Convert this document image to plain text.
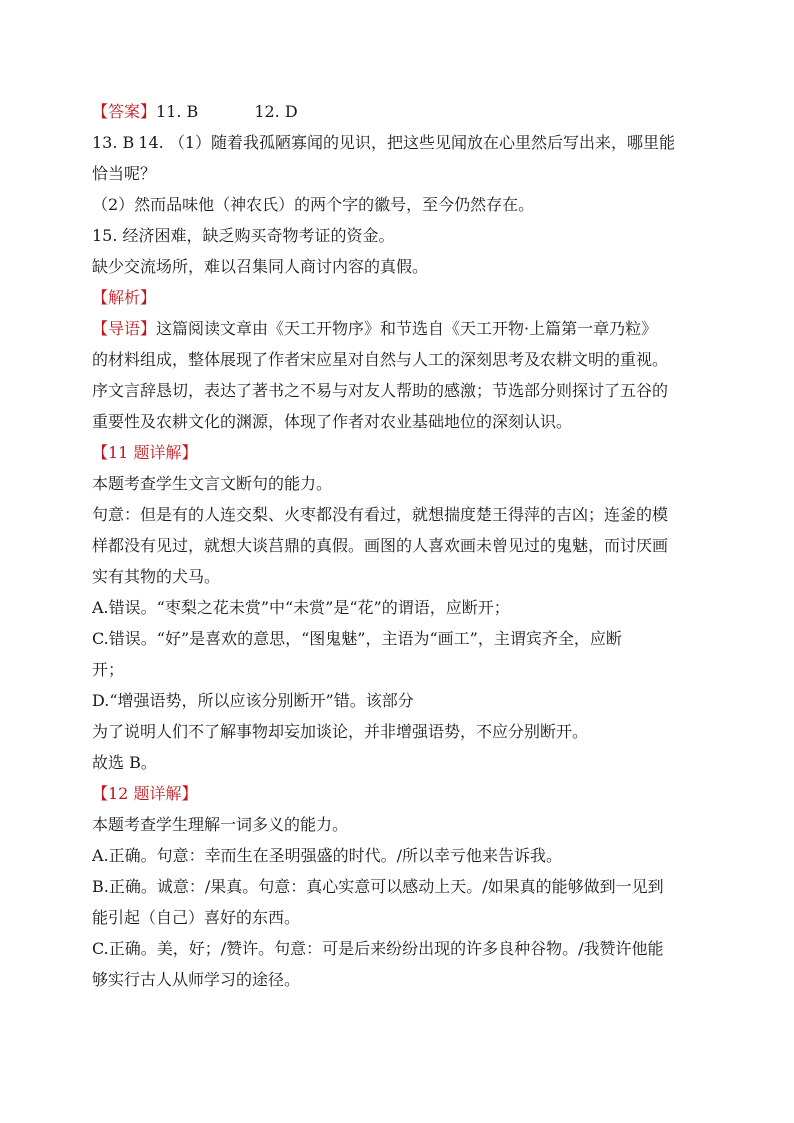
【答案】11. B	12. D
13. B 14. （1）随着我孤陋寡闻的见识，把这些见闻放在心里然后写出来，哪里能
恰当呢？
（2）然而品味他（神农氏）的两个字的徽号，至今仍然存在。
15. 经济困难，缺乏购买奇物考证的资金。
缺少交流场所，难以召集同人商讨内容的真假。
【解析】
【导语】这篇阅读文章由《天工开物序》和节选自《天工开物·上篇第一章乃粒》
的材料组成，整体展现了作者宋应星对自然与人工的深刻思考及农耕文明的重视。
序文言辞恳切，表达了著书之不易与对友人帮助的感激；节选部分则探讨了五谷的
重要性及农耕文化的渊源，体现了作者对农业基础地位的深刻认识。
【11 题详解】
本题考查学生文言文断句的能力。
句意：但是有的人连交梨、火枣都没有看过，就想揣度楚王得萍的吉凶；连釜的模
样都没有见过，就想大谈莒鼎的真假。画图的人喜欢画未曾见过的鬼魅，而讨厌画
实有其物的犬马。
A.错误。“枣梨之花未赏”中“未赏”是“花”的谓语，应断开；
C.错误。“好”是喜欢的意思，“图鬼魅”，主语为“画工”，主谓宾齐全，应断
开；
D.“增强语势，所以应该分别断开”错。该部分
为了说明人们不了解事物却妄加谈论，并非增强语势，不应分别断开。
故选 B。
【12 题详解】
本题考查学生理解一词多义的能力。
A.正确。句意：幸而生在圣明强盛的时代。/所以幸亏他来告诉我。
B.正确。诚意：/果真。句意：真心实意可以感动上天。/如果真的能够做到一见到
能引起（自己）喜好的东西。
C.正确。美，好；/赞许。句意：可是后来纷纷出现的许多良种谷物。/我赞许他能
够实行古人从师学习的途径。
